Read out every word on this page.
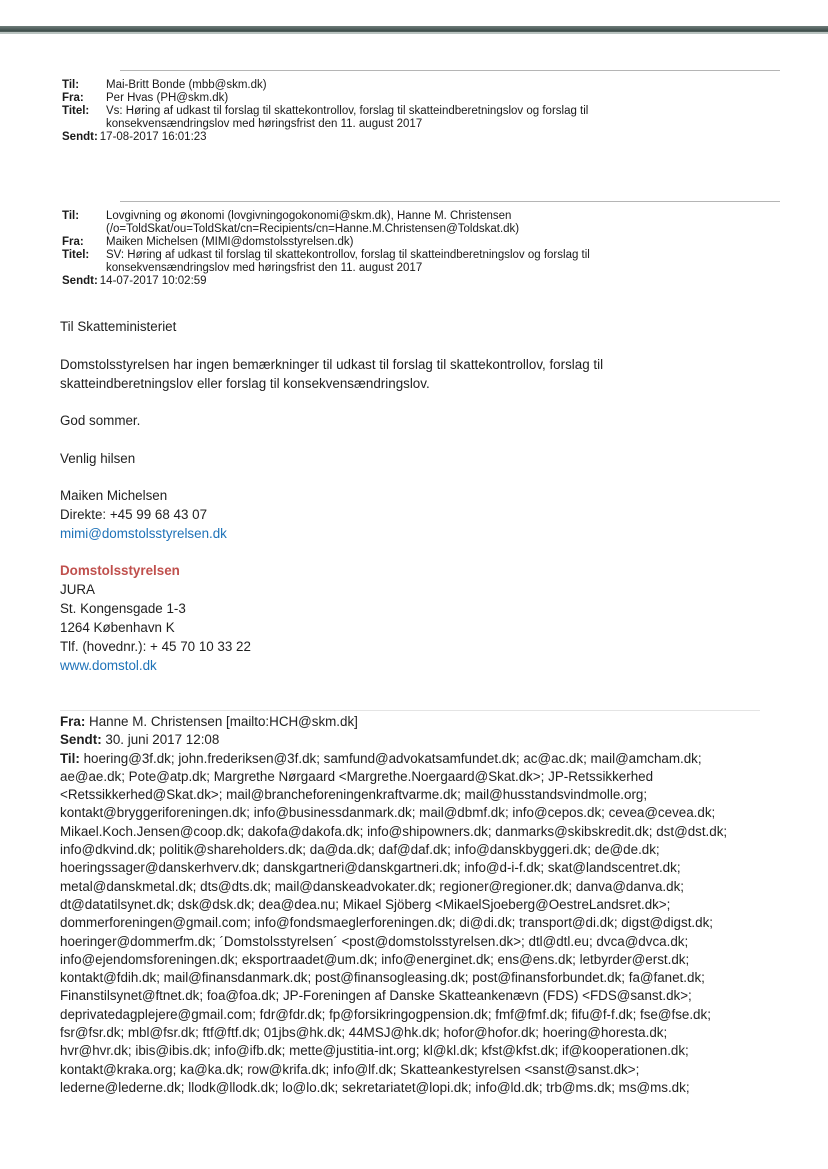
Til:	Mai-Britt Bonde (mbb@skm.dk)
Fra:	Per Hvas (PH@skm.dk)
Titel:	Vs: Høring af udkast til forslag til skattekontrollov, forslag til skatteindberetningslov og forslag til
konsekvensændringslov med høringsfrist den 11. august 2017
Sendt: 17-08-2017 16:01:23
Til:	Lovgivning og økonomi (lovgivningogokonomi@skm.dk), Hanne M. Christensen
(/o=ToldSkat/ou=ToldSkat/cn=Recipients/cn=Hanne.M.Christensen@Toldskat.dk)
Fra:	Maiken Michelsen (MIMI@domstolsstyrelsen.dk)
Titel:	SV: Høring af udkast til forslag til skattekontrollov, forslag til skatteindberetningslov og forslag til
konsekvensændringslov med høringsfrist den 11. august 2017
Sendt: 14-07-2017 10:02:59
Til Skatteministeriet
Domstolsstyrelsen har ingen bemærkninger til udkast til forslag til skattekontrollov, forslag til
skatteindberetningslov eller forslag til konsekvensændringslov.
God sommer.
Venlig hilsen
Maiken Michelsen
Direkte: +45 99 68 43 07
mimi@domstolsstyrelsen.dk
Domstolsstyrelsen
JURA
St. Kongensgade 1-3
1264 København K
Tlf. (hovednr.): + 45 70 10 33 22
www.domstol.dk
Fra: Hanne M. Christensen [mailto:HCH@skm.dk]
Sendt: 30. juni 2017 12:08
Til: hoering@3f.dk; john.frederiksen@3f.dk; samfund@advokatsamfundet.dk; ac@ac.dk; mail@amcham.dk;
ae@ae.dk; Pote@atp.dk; Margrethe Nørgaard <Margrethe.Noergaard@Skat.dk>; JP-Retssikkerhed
<Retssikkerhed@Skat.dk>; mail@brancheforeningenkraftvarme.dk; mail@husstandsvindmolle.org;
kontakt@bryggeriforeningen.dk; info@businessdanmark.dk; mail@dbmf.dk; info@cepos.dk; cevea@cevea.dk;
Mikael.Koch.Jensen@coop.dk; dakofa@dakofa.dk; info@shipowners.dk; danmarks@skibskredit.dk; dst@dst.dk;
info@dkvind.dk; politik@shareholders.dk; da@da.dk; daf@daf.dk; info@danskbyggeri.dk; de@de.dk;
hoeringssager@danskerhverv.dk; danskgartneri@danskgartneri.dk; info@d-i-f.dk; skat@landscentret.dk;
metal@danskmetal.dk; dts@dts.dk; mail@danskeadvokater.dk; regioner@regioner.dk; danva@danva.dk;
dt@datatilsynet.dk; dsk@dsk.dk; dea@dea.nu; Mikael Sjöberg <MikaelSjoeberg@OestreLandsret.dk>;
dommerforeningen@gmail.com; info@fondsmaeglerforeningen.dk; di@di.dk; transport@di.dk; digst@digst.dk;
hoeringer@dommerfm.dk; ´Domstolsstyrelsen´ <post@domstolsstyrelsen.dk>; dtl@dtl.eu; dvca@dvca.dk;
info@ejendomsforeningen.dk; eksportraadet@um.dk; info@energinet.dk; ens@ens.dk; letbyrder@erst.dk;
kontakt@fdih.dk; mail@finansdanmark.dk; post@finansogleasing.dk; post@finansforbundet.dk; fa@fanet.dk;
Finanstilsynet@ftnet.dk; foa@foa.dk; JP-Foreningen af Danske Skatteankenævn (FDS) <FDS@sanst.dk>;
deprivatedagplejere@gmail.com; fdr@fdr.dk; fp@forsikringogpension.dk; fmf@fmf.dk; fifu@f-f.dk; fse@fse.dk;
fsr@fsr.dk; mbl@fsr.dk; ftf@ftf.dk; 01jbs@hk.dk; 44MSJ@hk.dk; hofor@hofor.dk; hoering@horesta.dk;
hvr@hvr.dk; ibis@ibis.dk; info@ifb.dk; mette@justitia-int.org; kl@kl.dk; kfst@kfst.dk; if@kooperationen.dk;
kontakt@kraka.org; ka@ka.dk; row@krifa.dk; info@lf.dk; Skatteankestyrelsen <sanst@sanst.dk>;
lederne@lederne.dk; llodk@llodk.dk; lo@lo.dk; sekretariatet@lopi.dk; info@ld.dk; trb@ms.dk; ms@ms.dk;
